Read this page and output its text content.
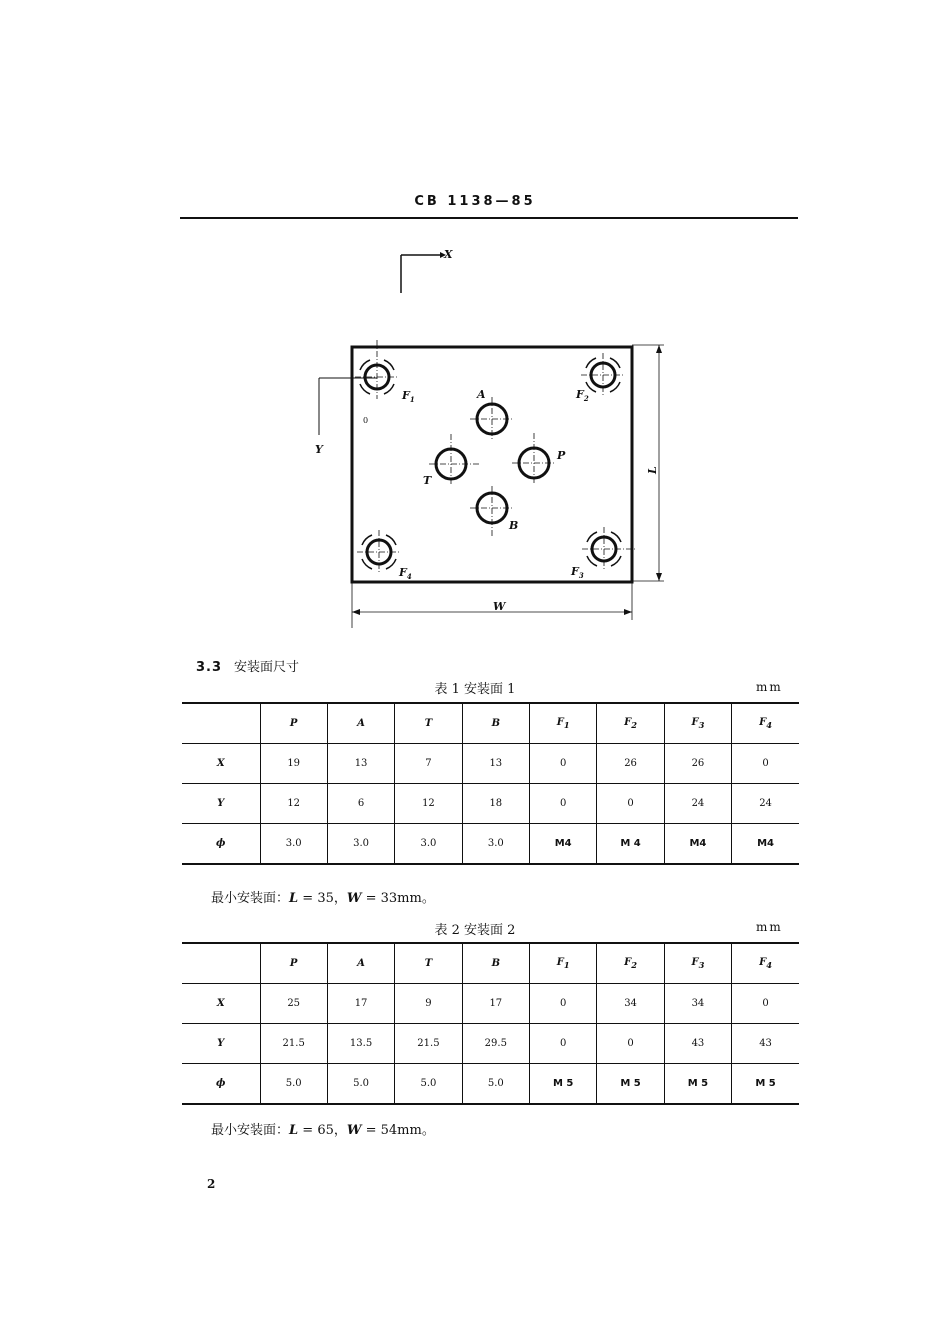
CB 1138—85
X
Y
0
L
W
A
P
T
B
$F_1$	$F_2$
$F_3$
$F_4$
3.3 安装面尺寸
表 1 安装面 1	mm
	P	A	T	B	$F_1$	$F_2$	$F_3$	$F_4$
X	19	13	7	13	0	26	26	0
Y	12	6	12	18	0	0	24	24
ϕ	3.0	3.0	3.0	3.0	M4	M 4	M4	M4
最小安装面：L = 35，W = 33mm。
表 2 安装面 2	mm
	P	A	T	B	$F_1$	$F_2$	$F_3$	$F_4$
X	25	17	9	17	0	34	34	0
Y	21.5	13.5	21.5	29.5	0	0	43	43
ϕ	5.0	5.0	5.0	5.0	M 5	M 5	M 5	M 5
最小安装面：L = 65，W = 54mm。
2
